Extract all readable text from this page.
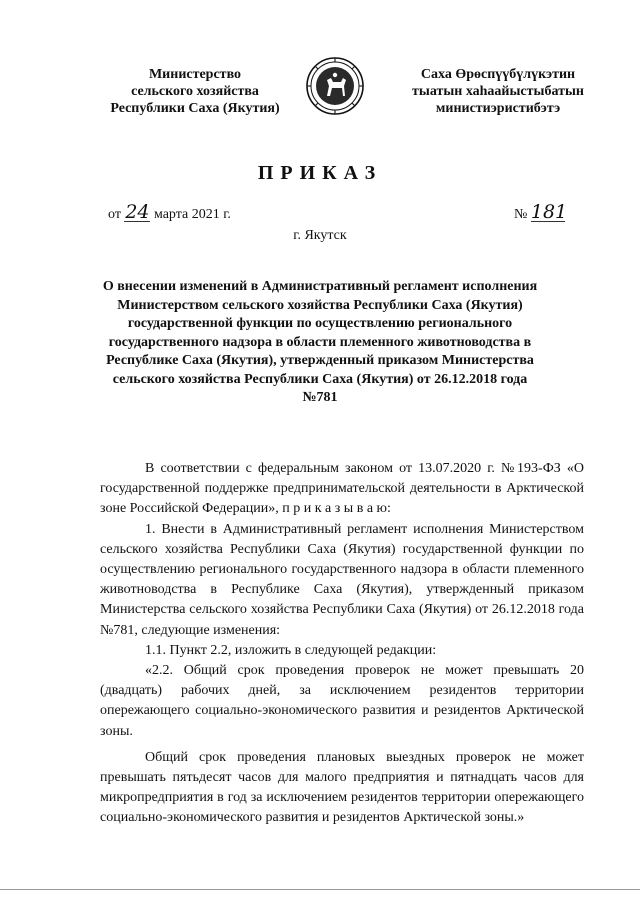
Министерство
сельского хозяйства
Республики Саха (Якутия)
Саха Өрөспүүбүлүкэтин
тыатын хаһаайыстыбатын
министиэристибэтэ
ПРИКАЗ
от 24 марта 2021 г.	№ 181
г. Якутск
О внесении изменений в Административный регламент исполнения
Министерством сельского хозяйства Республики Саха (Якутия)
государственной функции по осуществлению регионального
государственного надзора в области племенного животноводства в
Республике Саха (Якутия), утвержденный приказом Министерства
сельского хозяйства Республики Саха (Якутия) от 26.12.2018 года
№781

В соответствии с федеральным законом от 13.07.2020 г. №193-ФЗ «О государственной поддержке предпринимательской деятельности в Арктической зоне Российской Федерации», п р и к а з ы в а ю:

1. Внести в Административный регламент исполнения Министерством сельского хозяйства Республики Саха (Якутия) государственной функции по осуществлению регионального государственного надзора в области племенного животноводства в Республике Саха (Якутия), утвержденный приказом Министерства сельского хозяйства Республики Саха (Якутия) от 26.12.2018 года №781, следующие изменения:

1.1. Пункт 2.2, изложить в следующей редакции:

«2.2. Общий срок проведения проверок не может превышать 20 (двадцать) рабочих дней, за исключением резидентов территории опережающего социально-экономического развития и резидентов Арктической зоны.

Общий срок проведения плановых выездных проверок не может превышать пятьдесят часов для малого предприятия и пятнадцать часов для микропредприятия в год за исключением резидентов территории опережающего социально-экономического развития и резидентов Арктической зоны.»
